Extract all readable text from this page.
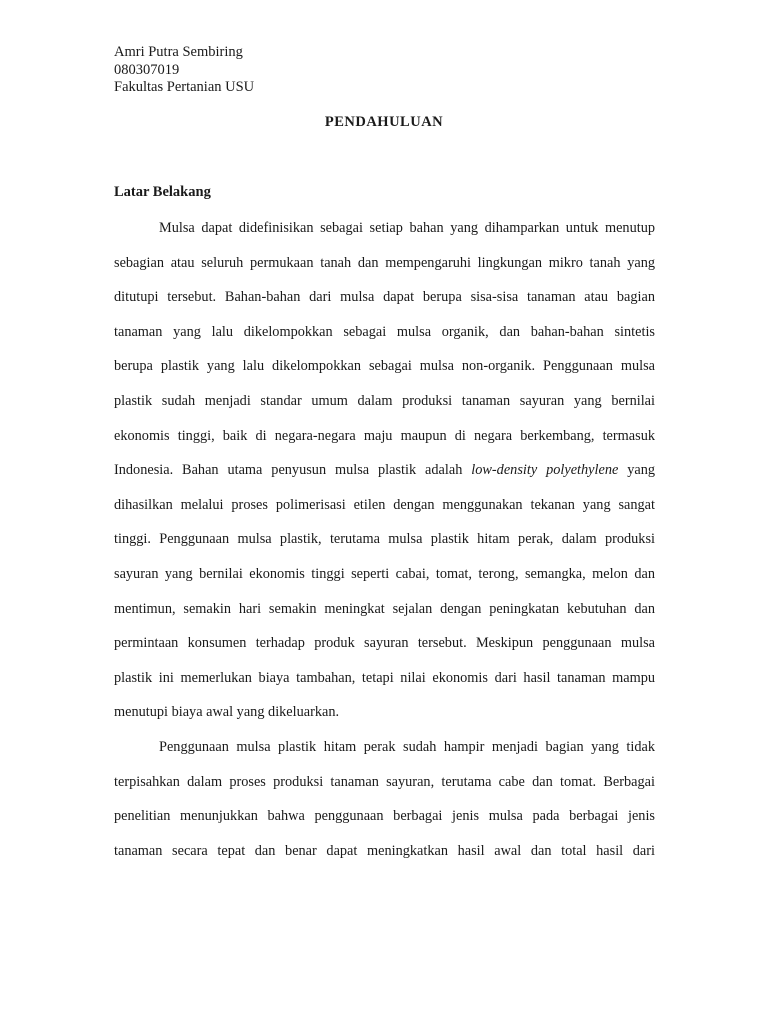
Amri Putra Sembiring
080307019
Fakultas Pertanian USU
PENDAHULUAN
Latar Belakang
Mulsa dapat didefinisikan sebagai setiap bahan yang dihamparkan untuk menutup
sebagian atau seluruh permukaan tanah dan mempengaruhi lingkungan mikro tanah yang
ditutupi tersebut. Bahan-bahan dari mulsa dapat berupa sisa-sisa tanaman atau bagian
tanaman yang lalu dikelompokkan sebagai mulsa organik, dan bahan-bahan sintetis
berupa plastik yang lalu dikelompokkan sebagai mulsa non-organik. Penggunaan mulsa
plastik sudah menjadi standar umum dalam produksi tanaman sayuran yang bernilai
ekonomis tinggi, baik di negara-negara maju maupun di negara berkembang, termasuk
Indonesia. Bahan utama penyusun mulsa plastik adalah low-density polyethylene yang
dihasilkan melalui proses polimerisasi etilen dengan menggunakan tekanan yang sangat
tinggi. Penggunaan mulsa plastik, terutama mulsa plastik hitam perak, dalam produksi
sayuran yang bernilai ekonomis tinggi seperti cabai, tomat, terong, semangka, melon dan
mentimun, semakin hari semakin meningkat sejalan dengan peningkatan kebutuhan dan
permintaan konsumen terhadap produk sayuran tersebut. Meskipun penggunaan mulsa
plastik ini memerlukan biaya tambahan, tetapi nilai ekonomis dari hasil tanaman mampu
menutupi biaya awal yang dikeluarkan.
Penggunaan mulsa plastik hitam perak sudah hampir menjadi bagian yang tidak
terpisahkan dalam proses produksi tanaman sayuran, terutama cabe dan tomat. Berbagai
penelitian menunjukkan bahwa penggunaan berbagai jenis mulsa pada berbagai jenis
tanaman secara tepat dan benar dapat meningkatkan hasil awal dan total hasil dari
